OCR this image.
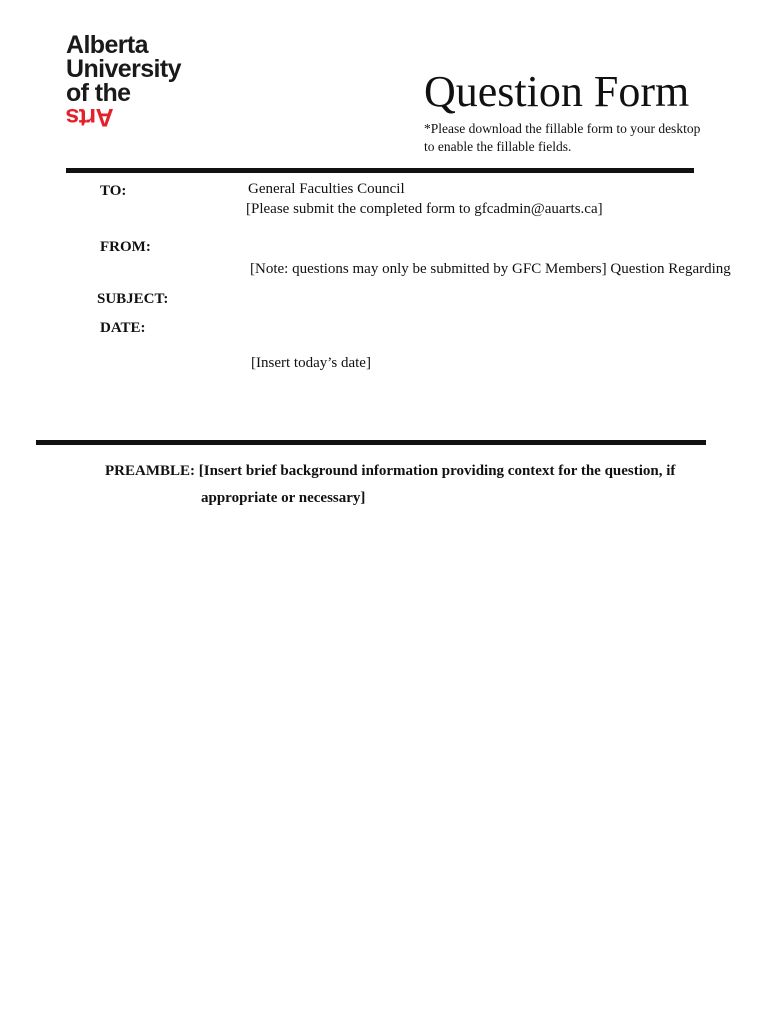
Alberta
University
of the
Arts
Question Form
*Please download the fillable form to your desktop
to enable the fillable fields.
TO:	General Faculties Council
[Please submit the completed form to gfcadmin@auarts.ca]
FROM:
[Note: questions may only be submitted by GFC Members] Question Regarding
SUBJECT:
DATE:
[Insert today’s date]
PREAMBLE: [Insert brief background information providing context for the question, if
appropriate or necessary]
